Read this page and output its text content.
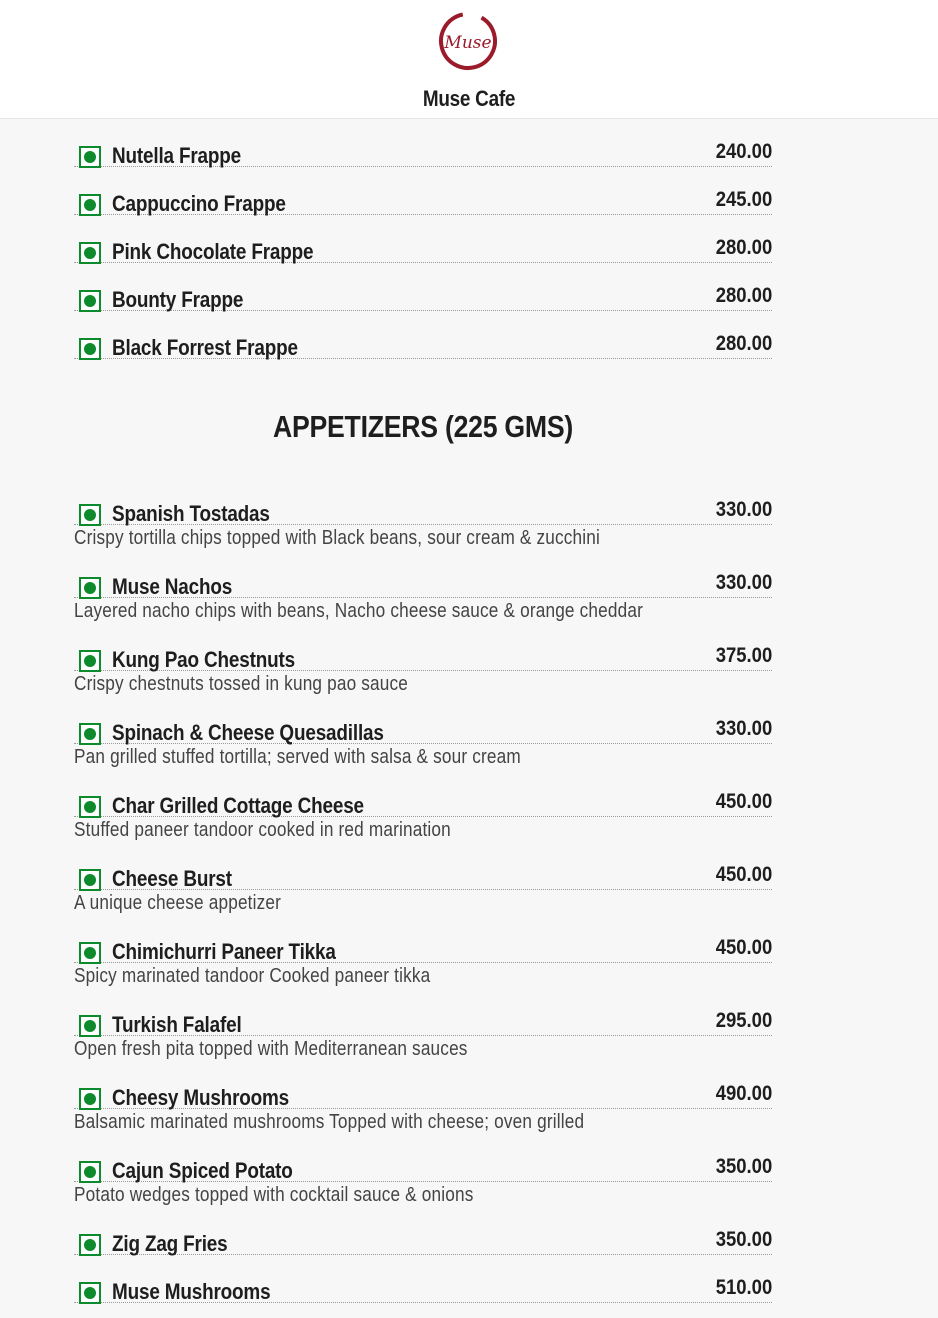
Muse
Muse Cafe
Nutella Frappe	240.00
Cappuccino Frappe	245.00
Pink Chocolate Frappe	280.00
Bounty Frappe	280.00
Black Forrest Frappe	280.00
APPETIZERS (225 GMS)
Spanish Tostadas	330.00
Crispy tortilla chips topped with Black beans, sour cream & zucchini
Muse Nachos	330.00
Layered nacho chips with beans, Nacho cheese sauce & orange cheddar
Kung Pao Chestnuts	375.00
Crispy chestnuts tossed in kung pao sauce
Spinach & Cheese Quesadillas	330.00
Pan grilled stuffed tortilla; served with salsa & sour cream
Char Grilled Cottage Cheese	450.00
Stuffed paneer tandoor cooked in red marination
Cheese Burst	450.00
A unique cheese appetizer
Chimichurri Paneer Tikka	450.00
Spicy marinated tandoor Cooked paneer tikka
Turkish Falafel	295.00
Open fresh pita topped with Mediterranean sauces
Cheesy Mushrooms	490.00
Balsamic marinated mushrooms Topped with cheese; oven grilled
Cajun Spiced Potato	350.00
Potato wedges topped with cocktail sauce & onions
Zig Zag Fries	350.00
Muse Mushrooms	510.00
